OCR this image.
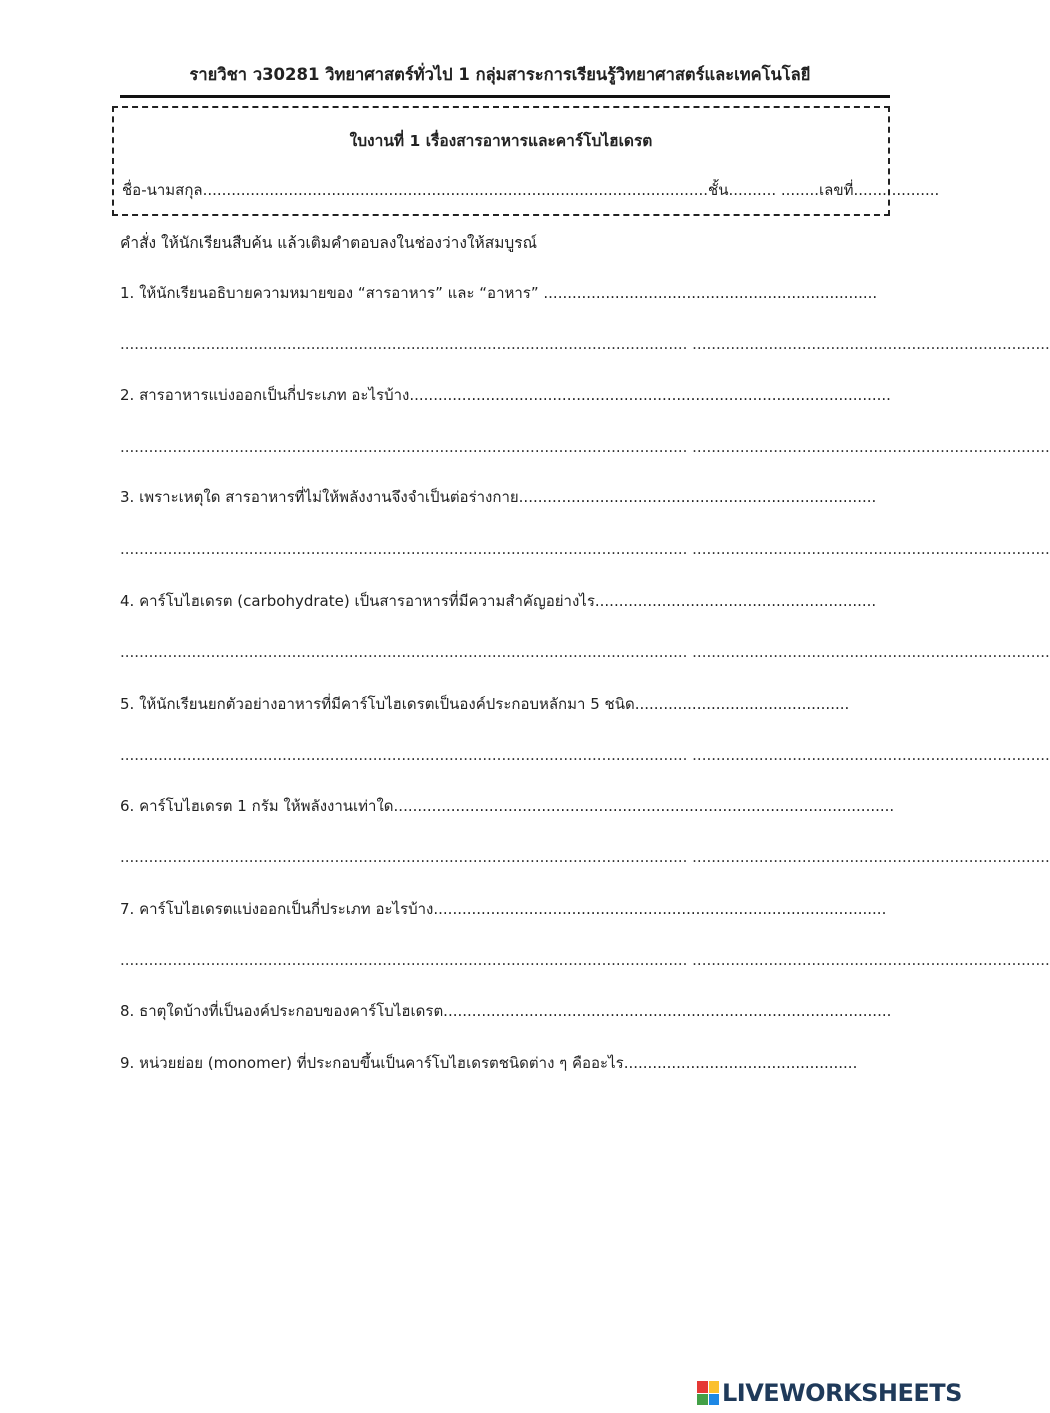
รายวิชา ว30281 วิทยาศาสตร์ทั่วไป 1 กลุ่มสาระการเรียนรู้วิทยาศาสตร์และเทคโนโลยี
ใบงานที่ 1 เรื่องสารอาหารและคาร์โบไฮเดรต
ชื่อ-นามสกุล..........................................................................................................ชั้น.......... ........เลขที่..................
คำสั่ง ให้นักเรียนสืบค้น แล้วเติมคำตอบลงในช่องว่างให้สมบูรณ์
1. ให้นักเรียนอธิบายความหมายของ “สารอาหาร” และ “อาหาร” ......................................................................
....................................................................................................................... ...........................................................................
2. สารอาหารแบ่งออกเป็นกี่ประเภท อะไรบ้าง.....................................................................................................
....................................................................................................................... ...........................................................................
3. เพราะเหตุใด สารอาหารที่ไม่ให้พลังงานจึงจำเป็นต่อร่างกาย...........................................................................
....................................................................................................................... ...........................................................................
4. คาร์โบไฮเดรต (carbohydrate) เป็นสารอาหารที่มีความสำคัญอย่างไร...........................................................
....................................................................................................................... ...........................................................................
5. ให้นักเรียนยกตัวอย่างอาหารที่มีคาร์โบไฮเดรตเป็นองค์ประกอบหลักมา 5 ชนิด.............................................
....................................................................................................................... ...........................................................................
6. คาร์โบไฮเดรต 1 กรัม ให้พลังงานเท่าใด.........................................................................................................
....................................................................................................................... ...........................................................................
7. คาร์โบไฮเดรตแบ่งออกเป็นกี่ประเภท อะไรบ้าง...............................................................................................
....................................................................................................................... ...........................................................................
8. ธาตุใดบ้างที่เป็นองค์ประกอบของคาร์โบไฮเดรต..............................................................................................
9. หน่วยย่อย (monomer) ที่ประกอบขึ้นเป็นคาร์โบไฮเดรตชนิดต่าง ๆ คืออะไร.................................................
LIVEWORKSHEETS
